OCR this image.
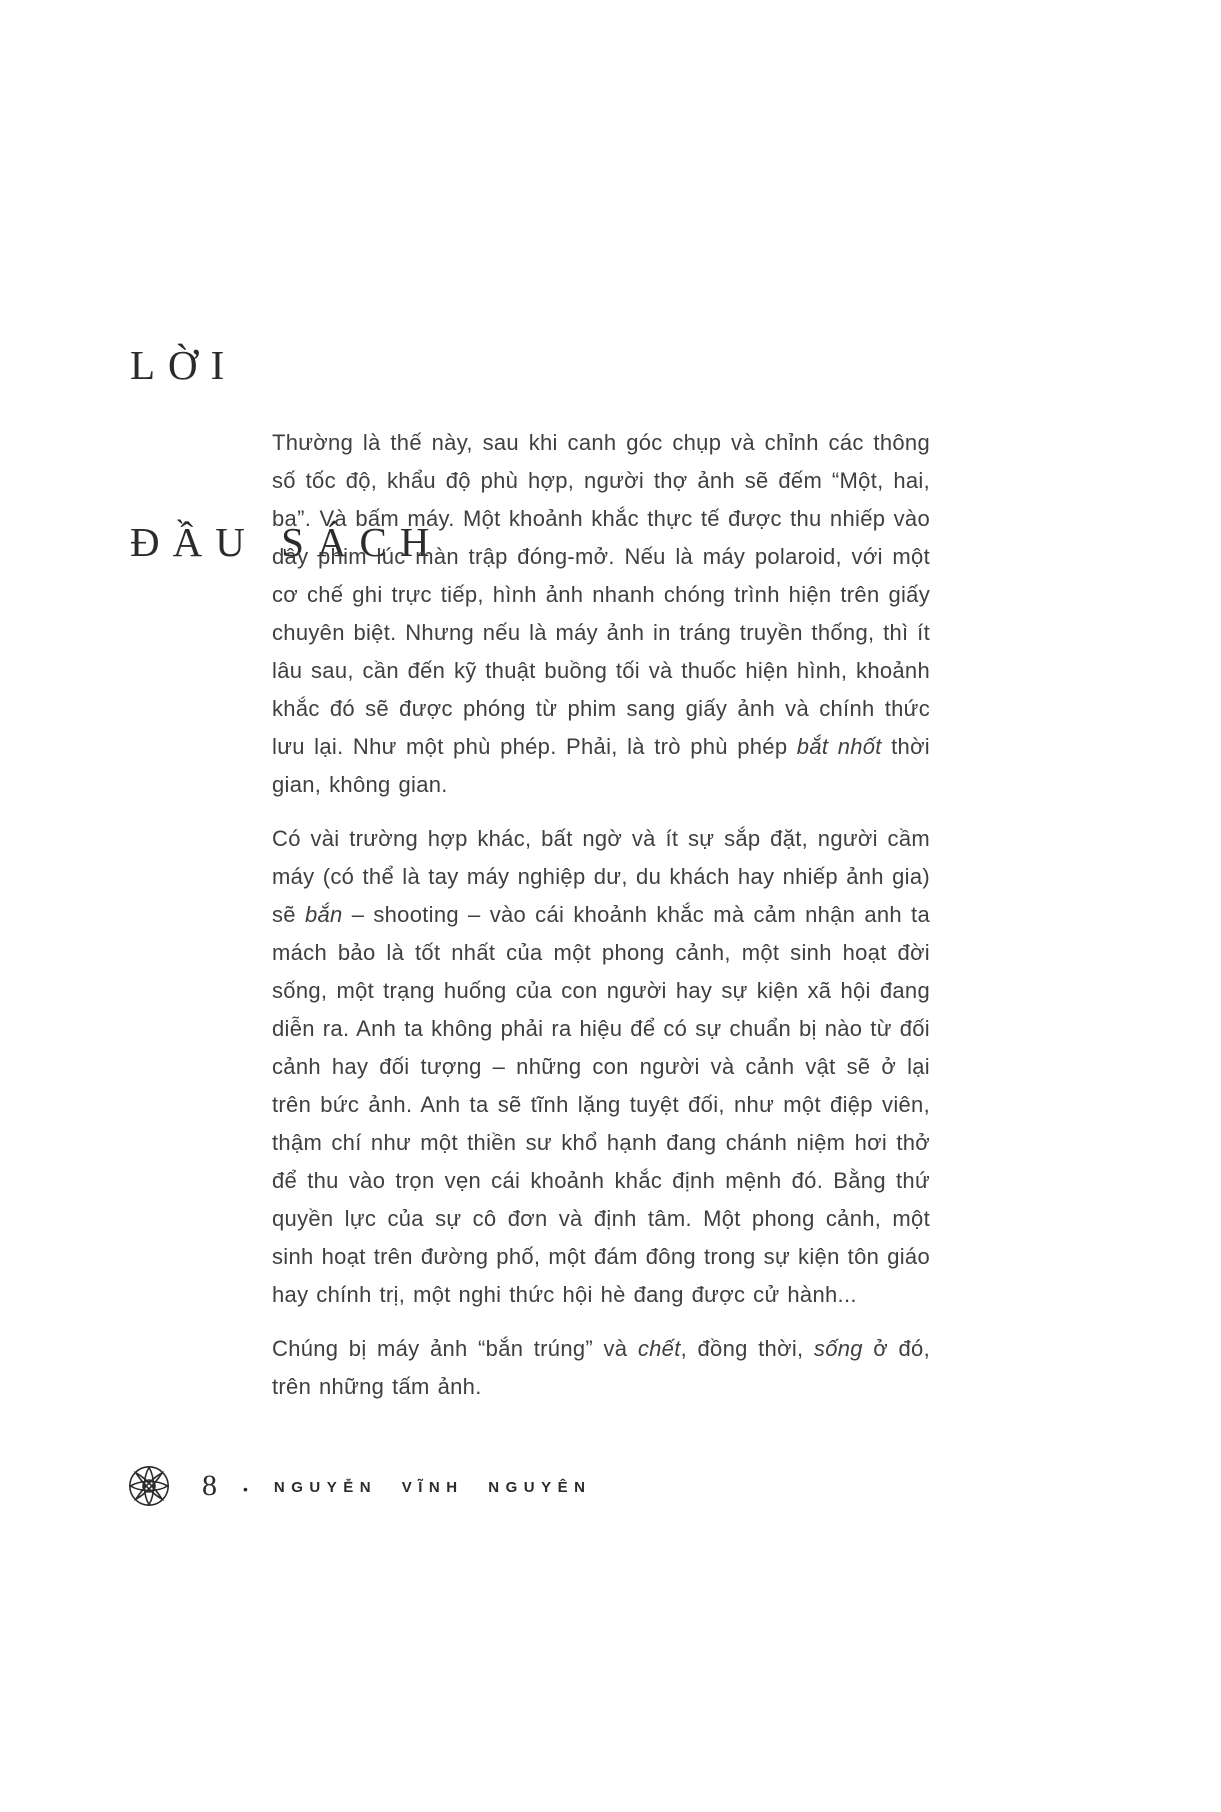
LỜI

ĐẦU SÁCH

Thường là thế này, sau khi canh góc chụp và chỉnh các thông số tốc độ, khẩu độ phù hợp, người thợ ảnh sẽ đếm “Một, hai, ba”. Và bấm máy. Một khoảnh khắc thực tế được thu nhiếp vào dây phim lúc màn trập đóng-mở. Nếu là máy polaroid, với một cơ chế ghi trực tiếp, hình ảnh nhanh chóng trình hiện trên giấy chuyên biệt. Nhưng nếu là máy ảnh in tráng truyền thống, thì ít lâu sau, cần đến kỹ thuật buồng tối và thuốc hiện hình, khoảnh khắc đó sẽ được phóng từ phim sang giấy ảnh và chính thức lưu lại. Như một phù phép. Phải, là trò phù phép bắt nhốt thời gian, không gian.

Có vài trường hợp khác, bất ngờ và ít sự sắp đặt, người cầm máy (có thể là tay máy nghiệp dư, du khách hay nhiếp ảnh gia) sẽ bắn – shooting – vào cái khoảnh khắc mà cảm nhận anh ta mách bảo là tốt nhất của một phong cảnh, một sinh hoạt đời sống, một trạng huống của con người hay sự kiện xã hội đang diễn ra. Anh ta không phải ra hiệu để có sự chuẩn bị nào từ đối cảnh hay đối tượng – những con người và cảnh vật sẽ ở lại trên bức ảnh. Anh ta sẽ tĩnh lặng tuyệt đối, như một điệp viên, thậm chí như một thiền sư khổ hạnh đang chánh niệm hơi thở để thu vào trọn vẹn cái khoảnh khắc định mệnh đó. Bằng thứ quyền lực của sự cô đơn và định tâm. Một phong cảnh, một sinh hoạt trên đường phố, một đám đông trong sự kiện tôn giáo hay chính trị, một nghi thức hội hè đang được cử hành...

Chúng bị máy ảnh “bắn trúng” và chết, đồng thời, sống ở đó, trên những tấm ảnh.

8 • NGUYỄN VĨNH NGUYÊN
